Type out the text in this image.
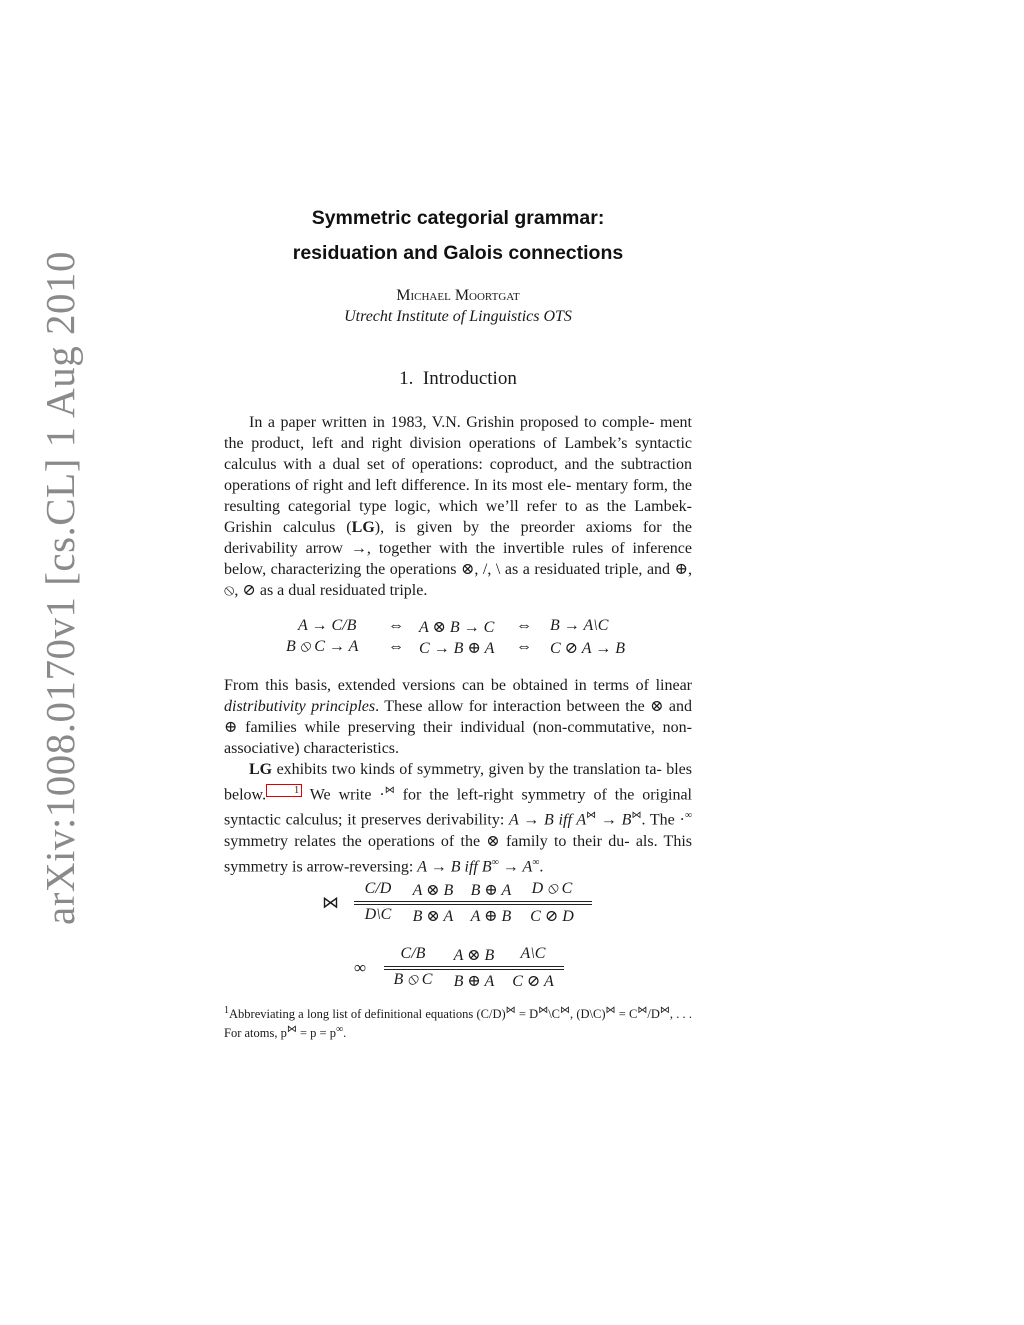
arXiv:1008.0170v1 [cs.CL] 1 Aug 2010
Symmetric categorial grammar:
residuation and Galois connections
Michael Moortgat
Utrecht Institute of Linguistics OTS
1. Introduction
In a paper written in 1983, V.N. Grishin proposed to comple- ment the product, left and right division operations of Lambek’s syntactic calculus with a dual set of operations: coproduct, and the subtraction operations of right and left difference. In its most ele- mentary form, the resulting categorial type logic, which we’ll refer to as the Lambek-Grishin calculus (LG), is given by the preorder axioms for the derivability arrow →, together with the invertible rules of inference below, characterizing the operations ⊗, /, \ as a residuated triple, and ⊕, ⦸, ⊘ as a dual residuated triple.
A → C/B ⇔ A ⊗ B → C ⇔ B → A\C
B ⦸ C → A ⇔ C → B ⊕ A ⇔ C ⊘ A → B
From this basis, extended versions can be obtained in terms of linear distributivity principles. These allow for interaction between the ⊗ and ⊕ families while preserving their individual (non-commutative, non-associative) characteristics.
LG exhibits two kinds of symmetry, given by the translation ta- bles below.	1 We write ·⋈ for the left-right symmetry of the original syntactic calculus; it preserves derivability: A → B iff A⋈ → B⋈. The ·∞ symmetry relates the operations of the ⊗ family to their du- als. This symmetry is arrow-reversing: A → B iff B∞ → A∞.
⋈
C/D	A ⊗ B	B ⊕ A	D ⦸ C
D\C	B ⊗ A	A ⊕ B	C ⊘ D
∞
C/B	A ⊗ B	A\C
B ⦸ C	B ⊕ A	C ⊘ A
$^1$Abbreviating a long list of definitional equations (C/D)⋈ = D⋈\C⋈, (D\C)⋈ = C⋈/D⋈, . . . For atoms, p⋈ = p = p∞.
